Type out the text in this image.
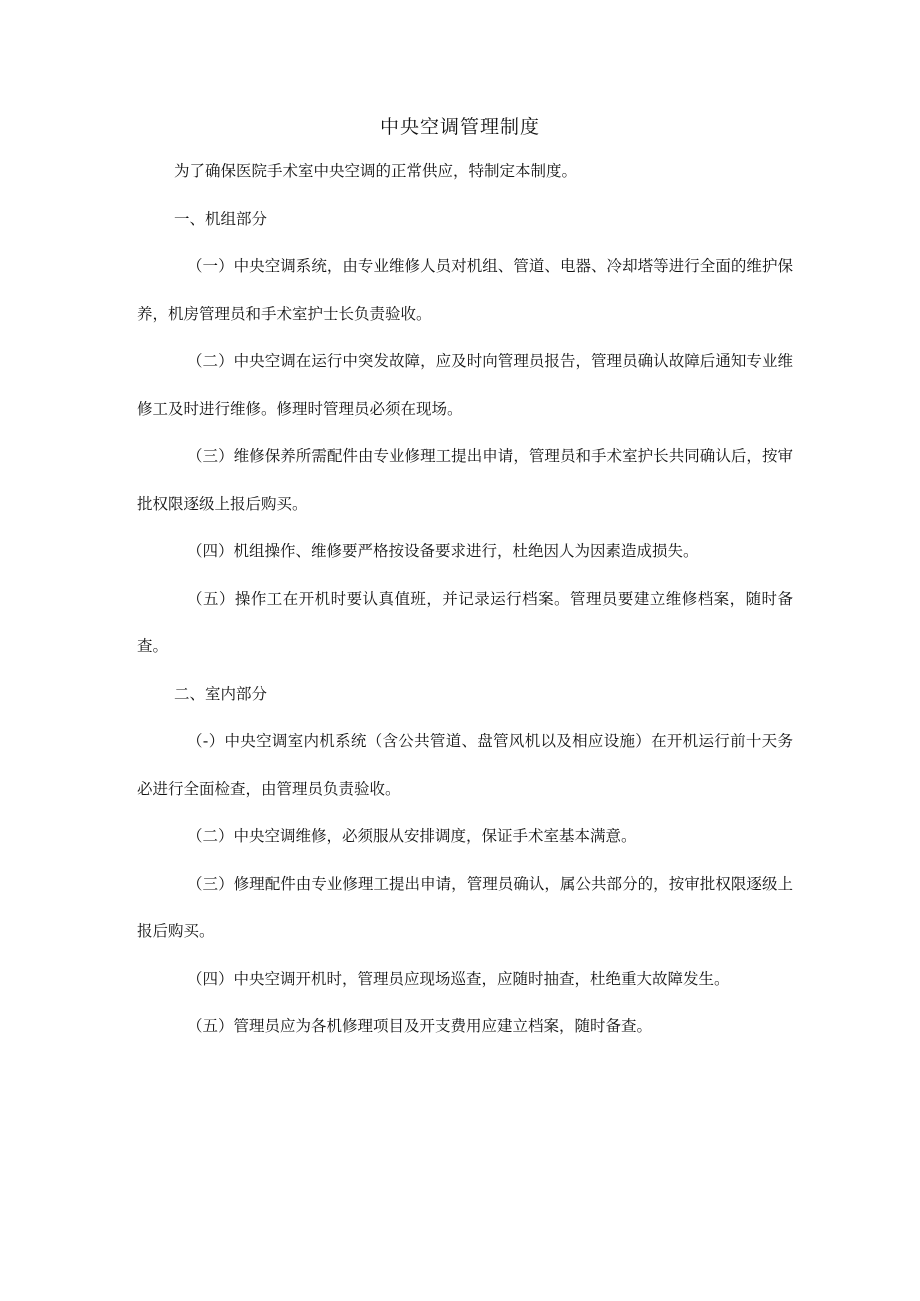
中央空调管理制度

为了确保医院手术室中央空调的正常供应，特制定本制度。

一、机组部分

（一）中央空调系统，由专业维修人员对机组、管道、电器、冷却塔等进行全面的维护保养，机房管理员和手术室护士长负责验收。

（二）中央空调在运行中突发故障，应及时向管理员报告，管理员确认故障后通知专业维修工及时进行维修。修理时管理员必须在现场。

（三）维修保养所需配件由专业修理工提出申请，管理员和手术室护长共同确认后，按审批权限逐级上报后购买。

（四）机组操作、维修要严格按设备要求进行，杜绝因人为因素造成损失。

（五）操作工在开机时要认真值班，并记录运行档案。管理员要建立维修档案，随时备查。

二、室内部分

（-）中央空调室内机系统（含公共管道、盘管风机以及相应设施）在开机运行前十天务必进行全面检查，由管理员负责验收。

（二）中央空调维修，必须服从安排调度，保证手术室基本满意。

（三）修理配件由专业修理工提出申请，管理员确认，属公共部分的，按审批权限逐级上报后购买。

（四）中央空调开机时，管理员应现场巡查，应随时抽查，杜绝重大故障发生。

（五）管理员应为各机修理项目及开支费用应建立档案，随时备查。
